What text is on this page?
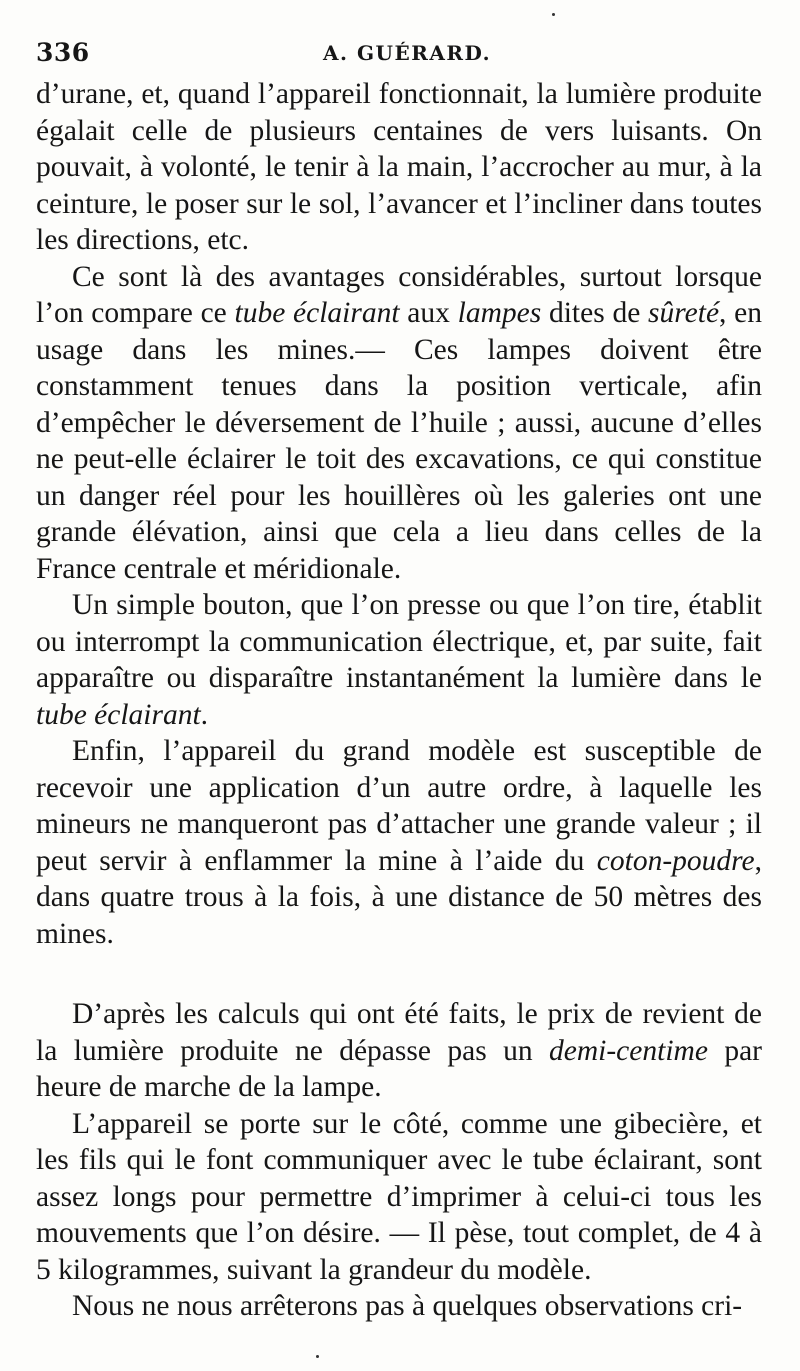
336	A. GUÉRARD.

d’urane, et, quand l’appareil fonctionnait, la lumière produite égalait celle de plusieurs centaines de vers luisants. On pouvait, à volonté, le tenir à la main, l’accrocher au mur, à la ceinture, le poser sur le sol, l’avancer et l’incliner dans toutes les directions, etc.

Ce sont là des avantages considérables, surtout lorsque l’on compare ce tube éclairant aux lampes dites de sûreté, en usage dans les mines.— Ces lampes doivent être constamment tenues dans la position verticale, afin d’empêcher le déversement de l’huile ; aussi, aucune d’elles ne peut-elle éclairer le toit des excavations, ce qui constitue un danger réel pour les houillères où les galeries ont une grande élévation, ainsi que cela a lieu dans celles de la France centrale et méridionale.

Un simple bouton, que l’on presse ou que l’on tire, établit ou interrompt la communication électrique, et, par suite, fait apparaître ou disparaître instantanément la lumière dans le tube éclairant.

Enfin, l’appareil du grand modèle est susceptible de recevoir une application d’un autre ordre, à laquelle les mineurs ne manqueront pas d’attacher une grande valeur ; il peut servir à enflammer la mine à l’aide du coton-poudre, dans quatre trous à la fois, à une distance de 50 mètres des mines.

D’après les calculs qui ont été faits, le prix de revient de la lumière produite ne dépasse pas un demi-centime par heure de marche de la lampe.

L’appareil se porte sur le côté, comme une gibecière, et les fils qui le font communiquer avec le tube éclairant, sont assez longs pour permettre d’imprimer à celui-ci tous les mouvements que l’on désire. — Il pèse, tout complet, de 4 à 5 kilogrammes, suivant la grandeur du modèle.

Nous ne nous arrêterons pas à quelques observations cri-
